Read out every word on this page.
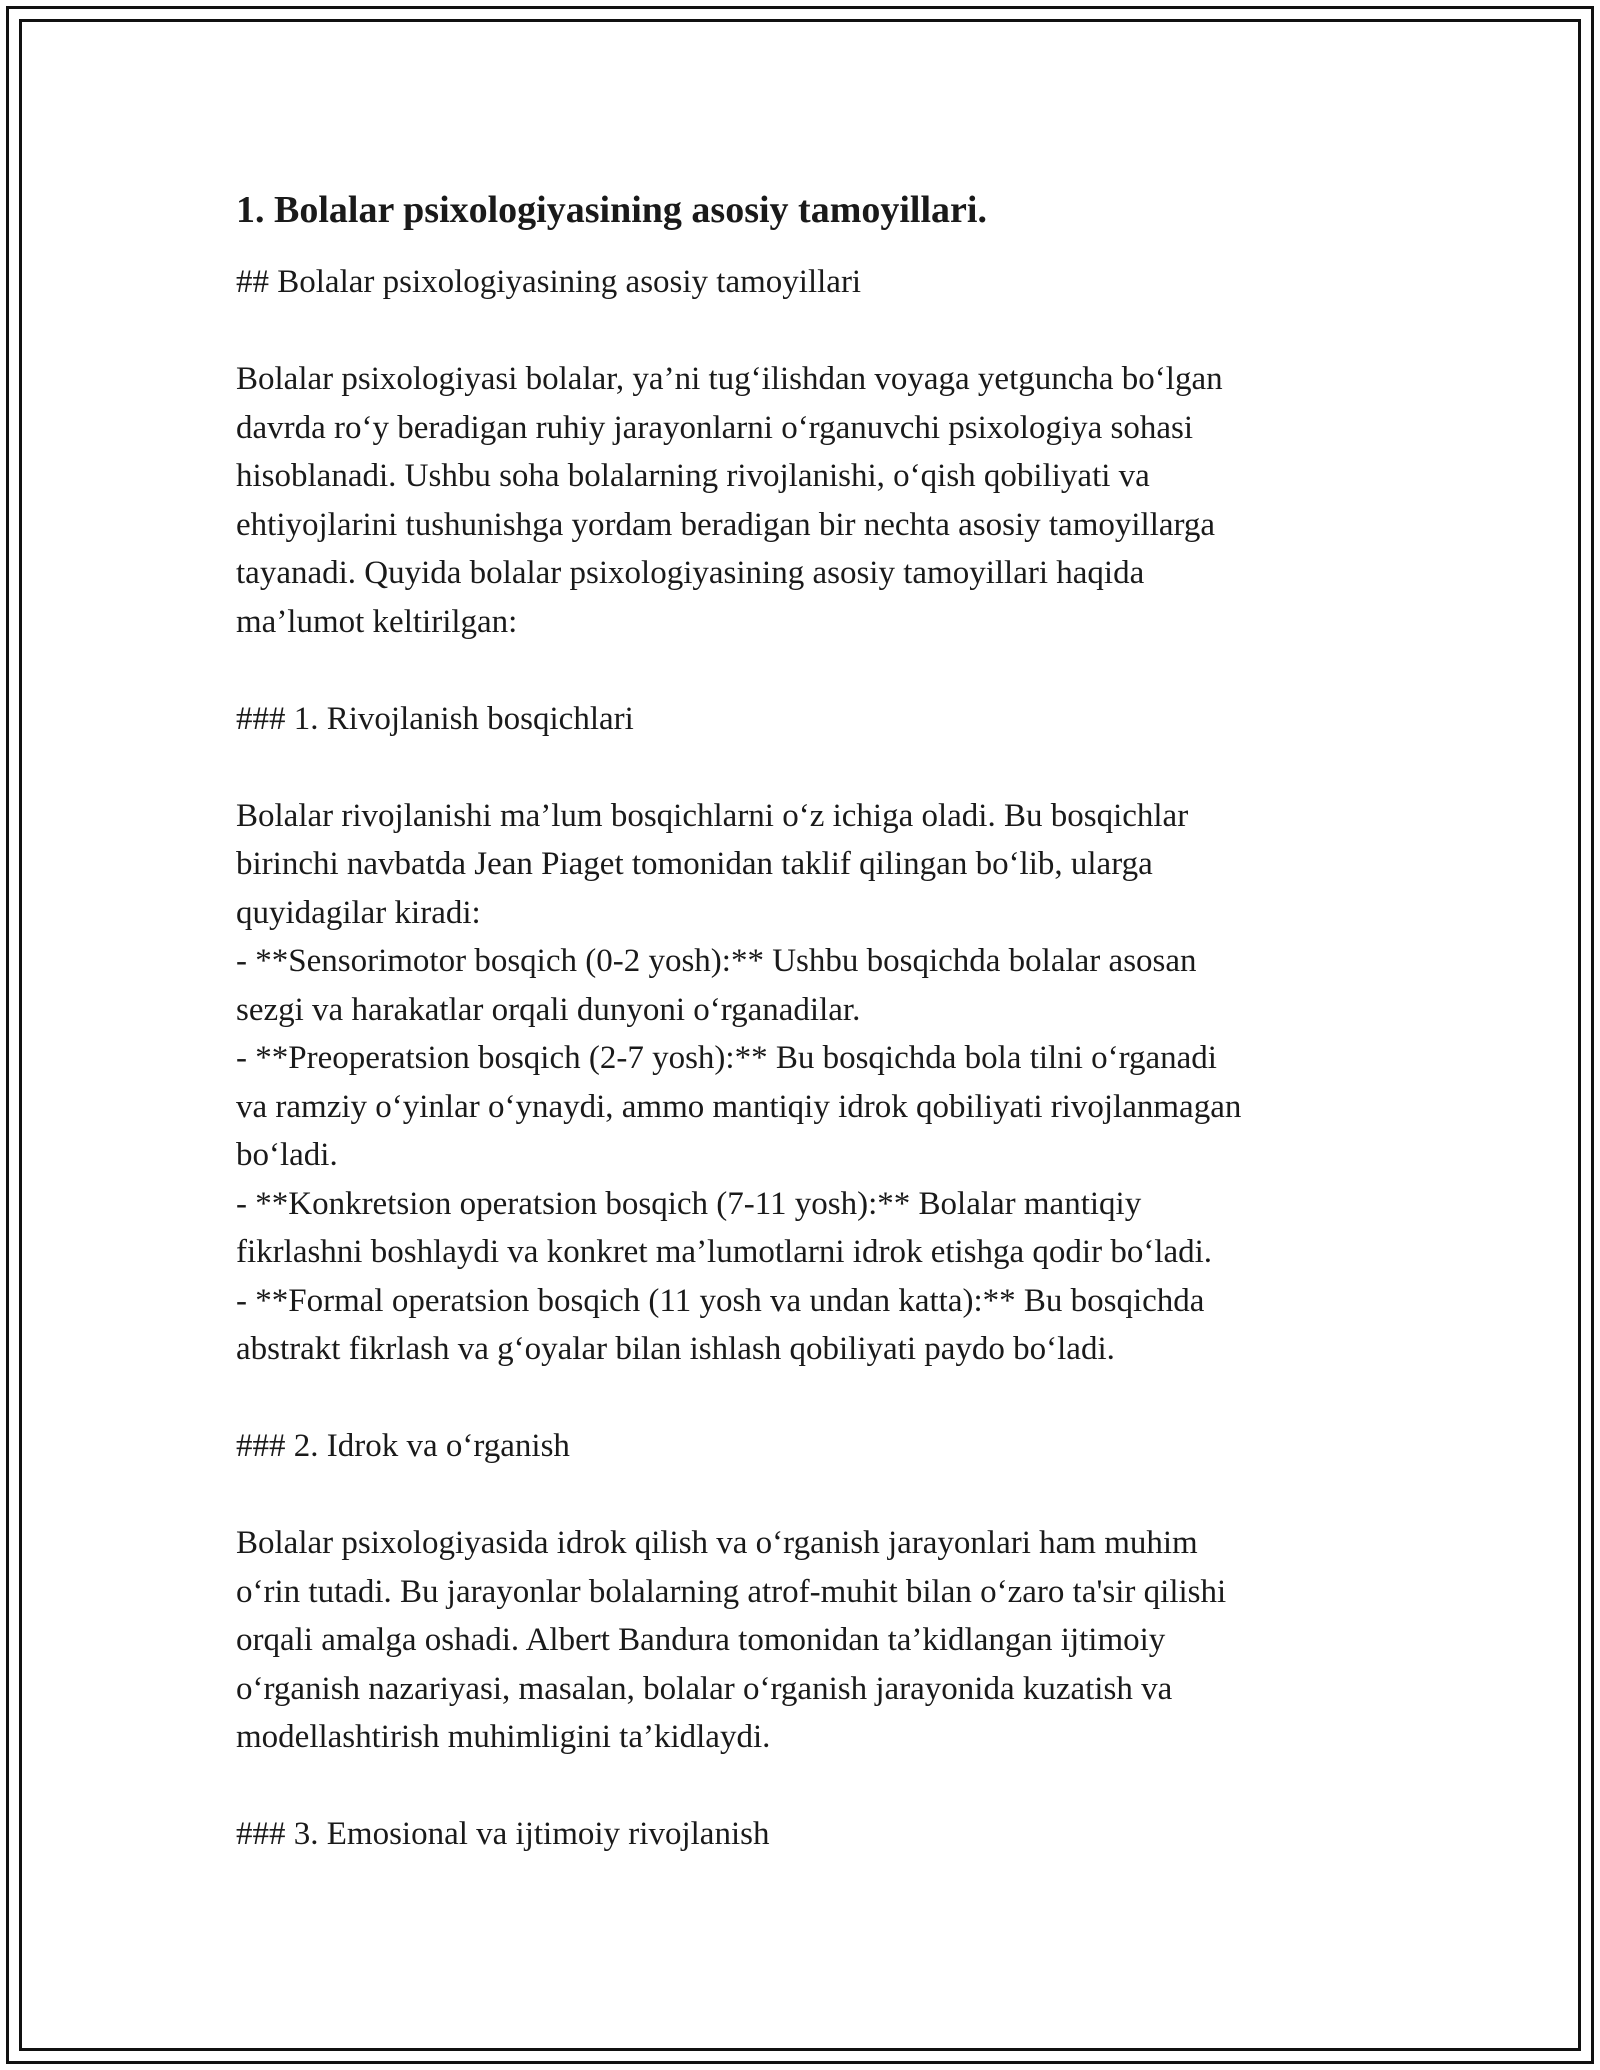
1. Bolalar psixologiyasining asosiy tamoyillari.

## Bolalar psixologiyasining asosiy tamoyillari

Bolalar psixologiyasi bolalar, ya’ni tug‘ilishdan voyaga yetguncha bo‘lgan

davrda ro‘y beradigan ruhiy jarayonlarni o‘rganuvchi psixologiya sohasi

hisoblanadi. Ushbu soha bolalarning rivojlanishi, o‘qish qobiliyati va

ehtiyojlarini tushunishga yordam beradigan bir nechta asosiy tamoyillarga

tayanadi. Quyida bolalar psixologiyasining asosiy tamoyillari haqida

ma’lumot keltirilgan:

### 1. Rivojlanish bosqichlari

Bolalar rivojlanishi ma’lum bosqichlarni o‘z ichiga oladi. Bu bosqichlar

birinchi navbatda Jean Piaget tomonidan taklif qilingan bo‘lib, ularga

quyidagilar kiradi:

- **Sensorimotor bosqich (0-2 yosh):** Ushbu bosqichda bolalar asosan

sezgi va harakatlar orqali dunyoni o‘rganadilar.

- **Preoperatsion bosqich (2-7 yosh):** Bu bosqichda bola tilni o‘rganadi

va ramziy o‘yinlar o‘ynaydi, ammo mantiqiy idrok qobiliyati rivojlanmagan

bo‘ladi.

- **Konkretsion operatsion bosqich (7-11 yosh):** Bolalar mantiqiy

fikrlashni boshlaydi va konkret ma’lumotlarni idrok etishga qodir bo‘ladi.

- **Formal operatsion bosqich (11 yosh va undan katta):** Bu bosqichda

abstrakt fikrlash va g‘oyalar bilan ishlash qobiliyati paydo bo‘ladi.

### 2. Idrok va o‘rganish

Bolalar psixologiyasida idrok qilish va o‘rganish jarayonlari ham muhim

o‘rin tutadi. Bu jarayonlar bolalarning atrof-muhit bilan o‘zaro ta'sir qilishi

orqali amalga oshadi. Albert Bandura tomonidan ta’kidlangan ijtimoiy

o‘rganish nazariyasi, masalan, bolalar o‘rganish jarayonida kuzatish va

modellashtirish muhimligini ta’kidlaydi.

### 3. Emosional va ijtimoiy rivojlanish
